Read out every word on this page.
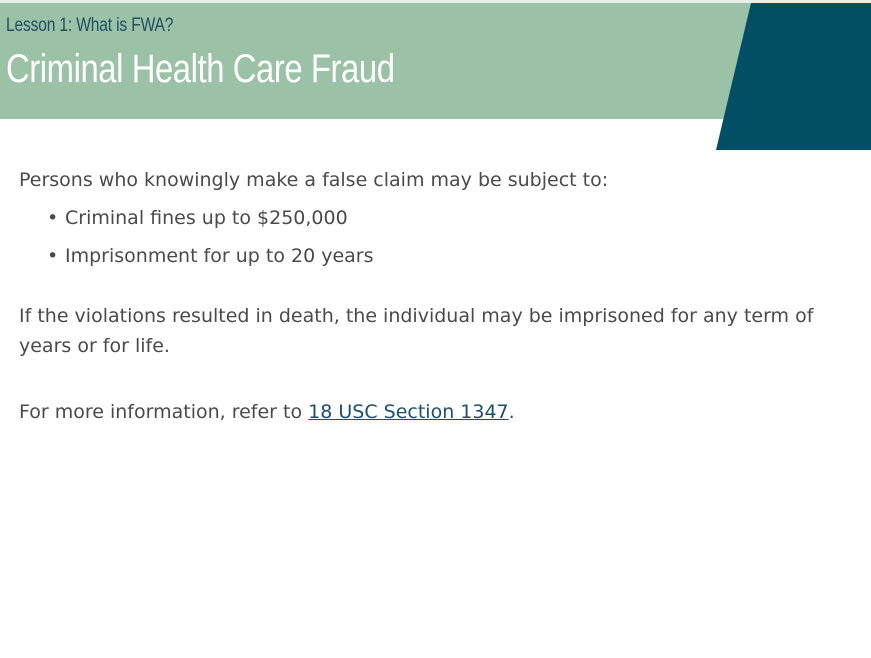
Lesson 1: What is FWA?
Criminal Health Care Fraud

Persons who knowingly make a false claim may be subject to:

• Criminal fines up to $250,000
• Imprisonment for up to 20 years

If the violations resulted in death, the individual may be imprisoned for any term of years or for life.

For more information, refer to 18 USC Section 1347.
